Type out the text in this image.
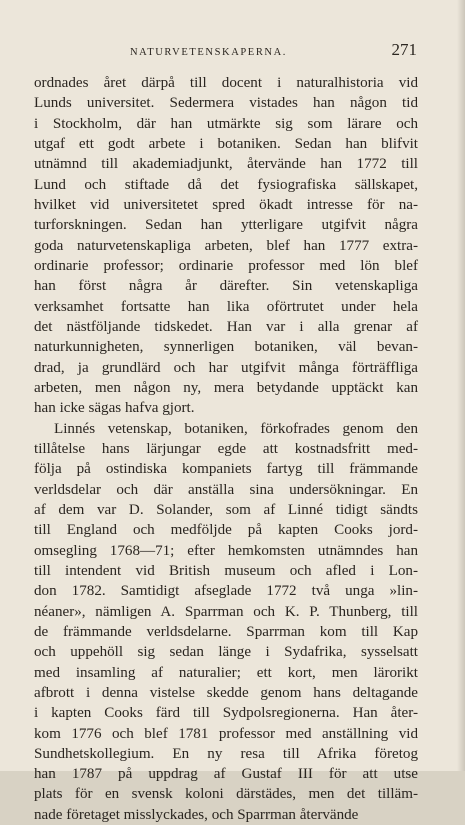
NATURVETENSKAPERNA.	271
ordnades året därpå till docent i naturalhistoria vid
Lunds universitet. Sedermera vistades han någon tid
i Stockholm, där han utmärkte sig som lärare och
utgaf ett godt arbete i botaniken. Sedan han blifvit
utnämnd till akademiadjunkt, återvände han 1772 till
Lund och stiftade då det fysiografiska sällskapet,
hvilket vid universitetet spred ökadt intresse för na-
turforskningen. Sedan han ytterligare utgifvit några
goda naturvetenskapliga arbeten, blef han 1777 extra-
ordinarie professor; ordinarie professor med lön blef
han först några år därefter. Sin vetenskapliga
verksamhet fortsatte han lika oförtrutet under hela
det nästföljande tidskedet. Han var i alla grenar af
naturkunnigheten, synnerligen botaniken, väl bevan-
drad, ja grundlärd och har utgifvit många förträffliga
arbeten, men någon ny, mera betydande upptäckt kan
han icke sägas hafva gjort.
Linnés vetenskap, botaniken, förkofrades genom den
tillåtelse hans lärjungar egde att kostnadsfritt med-
följa på ostindiska kompaniets fartyg till främmande
verldsdelar och där anställa sina undersökningar. En
af dem var D. Solander, som af Linné tidigt sändts
till England och medföljde på kapten Cooks jord-
omsegling 1768—71; efter hemkomsten utnämndes han
till intendent vid British museum och afled i Lon-
don 1782. Samtidigt afseglade 1772 två unga »lin-
néaner», nämligen A. Sparrman och K. P. Thunberg, till
de främmande verldsdelarne. Sparrman kom till Kap
och uppehöll sig sedan länge i Sydafrika, sysselsatt
med insamling af naturalier; ett kort, men lärorikt
afbrott i denna vistelse skedde genom hans deltagande
i kapten Cooks färd till Sydpolsregionerna. Han åter-
kom 1776 och blef 1781 professor med anställning vid
Sundhetskollegium. En ny resa till Afrika företog
han 1787 på uppdrag af Gustaf III för att utse
plats för en svensk koloni därstädes, men det tilläm-
nade företaget misslyckades, och Sparrman återvände
